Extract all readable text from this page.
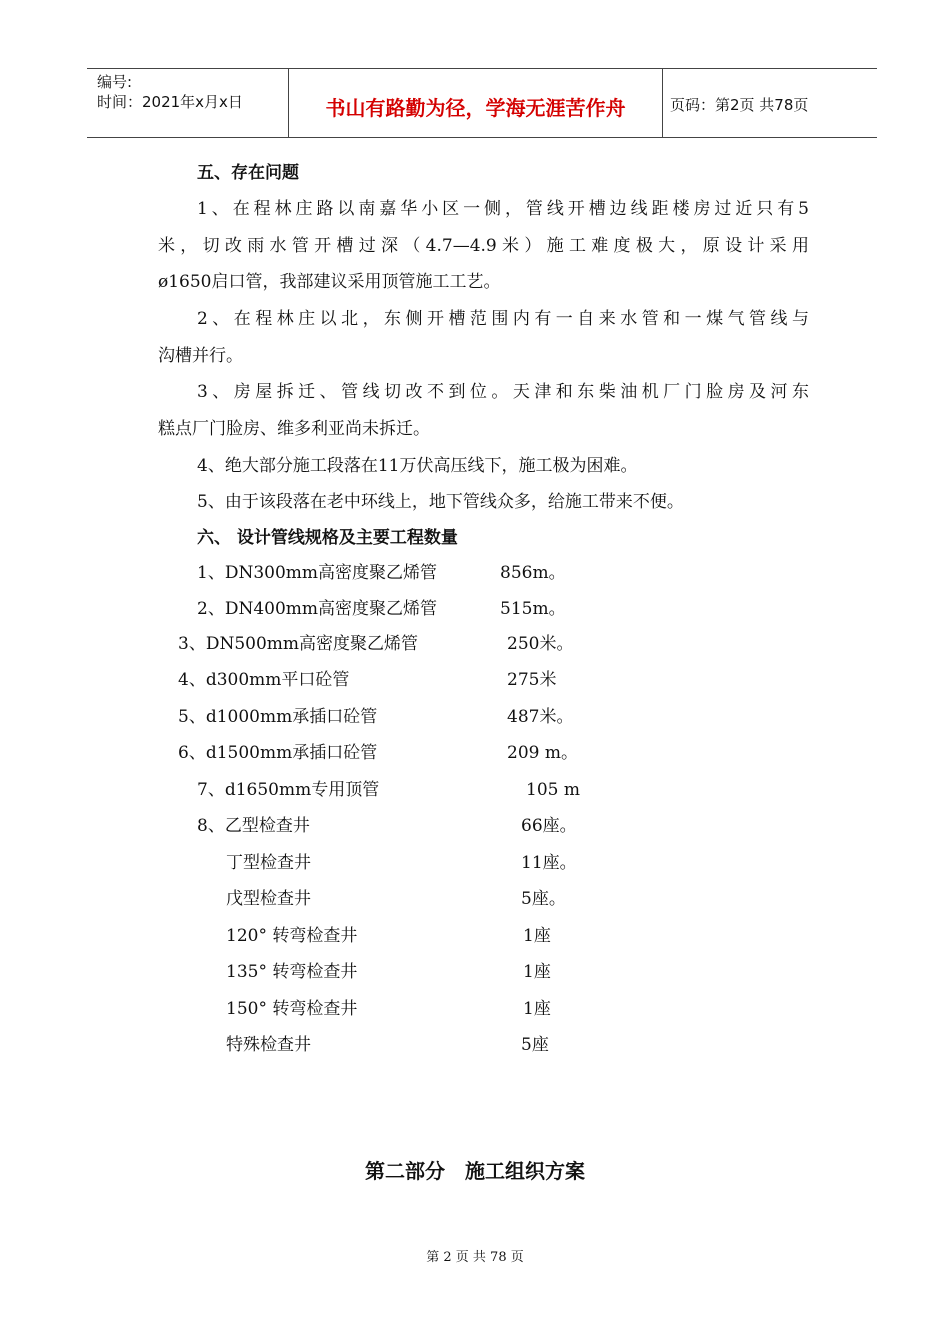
编号:
时间：2021年x月x日	书山有路勤为径，学海无涯苦作舟	页码：第2页 共78页
五、存在问题
1、在程林庄路以南嘉华小区一侧，管线开槽边线距楼房过近只有5
米，切改雨水管开槽过深（4.7—4.9米）施工难度极大，原设计采用
ø1650启口管，我部建议采用顶管施工工艺。
2、在程林庄以北，东侧开槽范围内有一自来水管和一煤气管线与
沟槽并行。
3、房屋拆迁、管线切改不到位。天津和东柴油机厂门脸房及河东
糕点厂门脸房、维多利亚尚未拆迁。
4、绝大部分施工段落在11万伏高压线下，施工极为困难。
5、由于该段落在老中环线上，地下管线众多，给施工带来不便。
六、 设计管线规格及主要工程数量
1、DN300mm高密度聚乙烯管	856m。
2、DN400mm高密度聚乙烯管	515m。
3、DN500mm高密度聚乙烯管	250米。
4、d300mm平口砼管	275米
5、d1000mm承插口砼管	487米。
6、d1500mm承插口砼管	209 m。
7、d1650mm专用顶管	105 m
8、乙型检查井	66座。
丁型检查井	11座。
戊型检查井	5座。
120° 转弯检查井	1座
135° 转弯检查井	1座
150° 转弯检查井	1座
特殊检查井	5座
第二部分　施工组织方案
第 2 页 共 78 页
